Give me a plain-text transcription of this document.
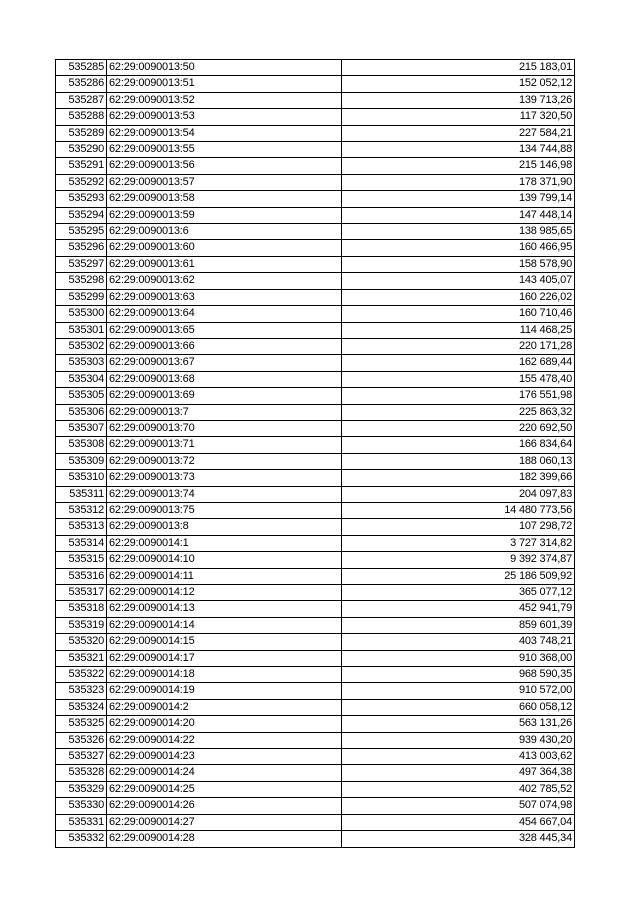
535285	62:29:0090013:50	215 183,01
535286	62:29:0090013:51	152 052,12
535287	62:29:0090013:52	139 713,26
535288	62:29:0090013:53	117 320,50
535289	62:29:0090013:54	227 584,21
535290	62:29:0090013:55	134 744,88
535291	62:29:0090013:56	215 146,98
535292	62:29:0090013:57	178 371,90
535293	62:29:0090013:58	139 799,14
535294	62:29:0090013:59	147 448,14
535295	62:29:0090013:6	138 985,65
535296	62:29:0090013:60	160 466,95
535297	62:29:0090013:61	158 578,90
535298	62:29:0090013:62	143 405,07
535299	62:29:0090013:63	160 226,02
535300	62:29:0090013:64	160 710,46
535301	62:29:0090013:65	114 468,25
535302	62:29:0090013:66	220 171,28
535303	62:29:0090013:67	162 689,44
535304	62:29:0090013:68	155 478,40
535305	62:29:0090013:69	176 551,98
535306	62:29:0090013:7	225 863,32
535307	62:29:0090013:70	220 692,50
535308	62:29:0090013:71	166 834,64
535309	62:29:0090013:72	188 060,13
535310	62:29:0090013:73	182 399,66
535311	62:29:0090013:74	204 097,83
535312	62:29:0090013:75	14 480 773,56
535313	62:29:0090013:8	107 298,72
535314	62:29:0090014:1	3 727 314,82
535315	62:29:0090014:10	9 392 374,87
535316	62:29:0090014:11	25 186 509,92
535317	62:29:0090014:12	365 077,12
535318	62:29:0090014:13	452 941,79
535319	62:29:0090014:14	859 601,39
535320	62:29:0090014:15	403 748,21
535321	62:29:0090014:17	910 368,00
535322	62:29:0090014:18	968 590,35
535323	62:29:0090014:19	910 572,00
535324	62:29:0090014:2	660 058,12
535325	62:29:0090014:20	563 131,26
535326	62:29:0090014:22	939 430,20
535327	62:29:0090014:23	413 003,62
535328	62:29:0090014:24	497 364,38
535329	62:29:0090014:25	402 785,52
535330	62:29:0090014:26	507 074,98
535331	62:29:0090014:27	454 667,04
535332	62:29:0090014:28	328 445,34
